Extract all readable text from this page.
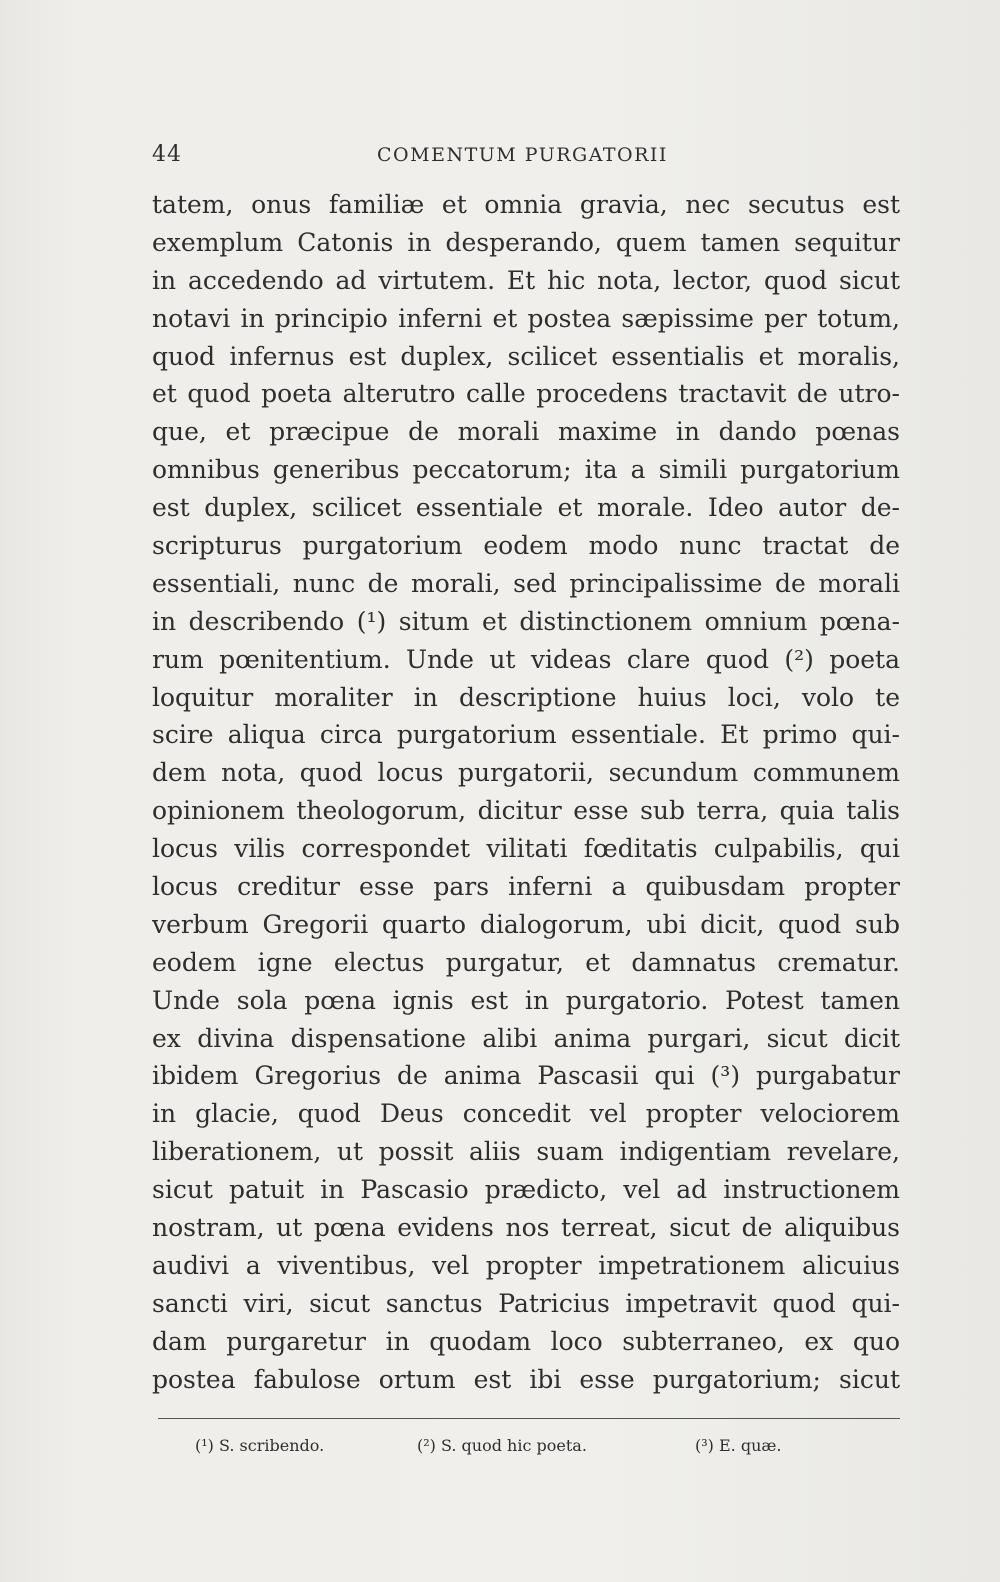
44	COMENTUM PURGATORII
tatem, onus familiæ et omnia gravia, nec secutus est
exemplum Catonis in desperando, quem tamen sequitur
in accedendo ad virtutem. Et hic nota, lector, quod sicut
notavi in principio inferni et postea sæpissime per totum,
quod infernus est duplex, scilicet essentialis et moralis,
et quod poeta alterutro calle procedens tractavit de utro-
que, et præcipue de morali maxime in dando pœnas
omnibus generibus peccatorum; ita a simili purgatorium
est duplex, scilicet essentiale et morale. Ideo autor de-
scripturus purgatorium eodem modo nunc tractat de
essentiali, nunc de morali, sed principalissime de morali
in describendo (¹) situm et distinctionem omnium pœna-
rum pœnitentium. Unde ut videas clare quod (²) poeta
loquitur moraliter in descriptione huius loci, volo te
scire aliqua circa purgatorium essentiale. Et primo qui-
dem nota, quod locus purgatorii, secundum communem
opinionem theologorum, dicitur esse sub terra, quia talis
locus vilis correspondet vilitati fœditatis culpabilis, qui
locus creditur esse pars inferni a quibusdam propter
verbum Gregorii quarto dialogorum, ubi dicit, quod sub
eodem igne electus purgatur, et damnatus crematur.
Unde sola pœna ignis est in purgatorio. Potest tamen
ex divina dispensatione alibi anima purgari, sicut dicit
ibidem Gregorius de anima Pascasii qui (³) purgabatur
in glacie, quod Deus concedit vel propter velociorem
liberationem, ut possit aliis suam indigentiam revelare,
sicut patuit in Pascasio prædicto, vel ad instructionem
nostram, ut pœna evidens nos terreat, sicut de aliquibus
audivi a viventibus, vel propter impetrationem alicuius
sancti viri, sicut sanctus Patricius impetravit quod qui-
dam purgaretur in quodam loco subterraneo, ex quo
postea fabulose ortum est ibi esse purgatorium; sicut
(¹) S. scribendo.	(²) S. quod hic poeta.	(³) E. quæ.
